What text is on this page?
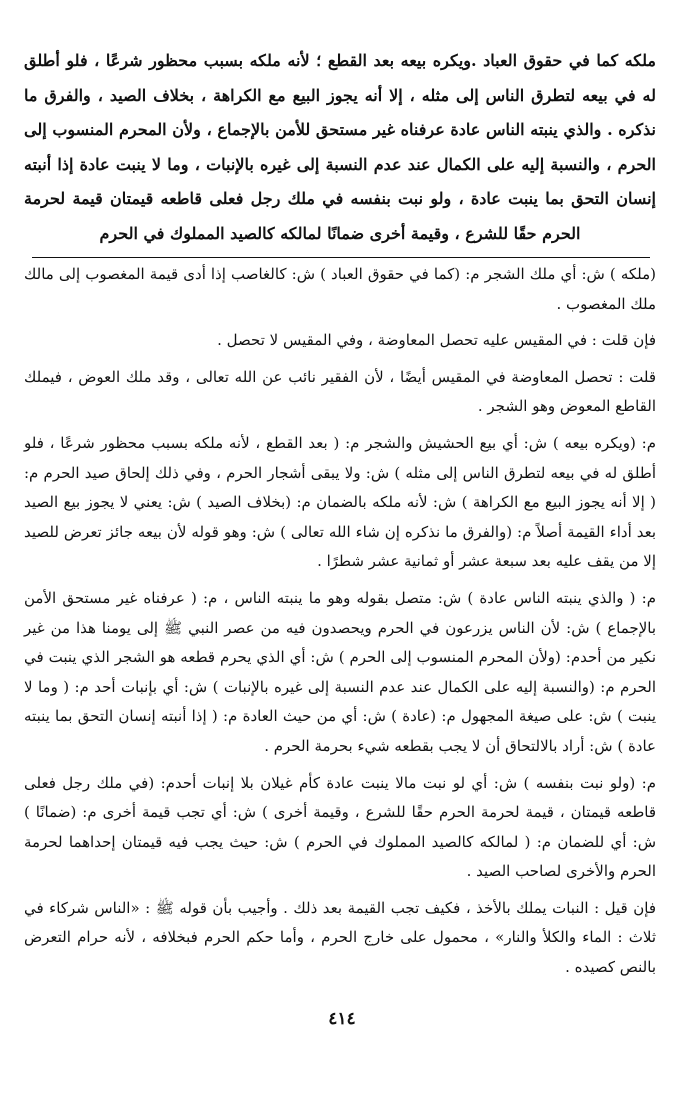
ملكه كما في حقوق العباد .ويكره بيعه بعد القطع ؛ لأنه ملكه بسبب محظور شرعًا ، فلو أطلق له في بيعه لتطرق الناس إلى مثله ، إلا أنه يجوز البيع مع الكراهة ، بخلاف الصيد ، والفرق ما نذكره . والذي ينبته الناس عادة عرفناه غير مستحق للأمن بالإجماع ، ولأن المحرم المنسوب إلى الحرم ، والنسبة إليه على الكمال عند عدم النسبة إلى غيره بالإنبات ، وما لا ينبت عادة إذا أنبته إنسان التحق بما ينبت عادة ، ولو نبت بنفسه في ملك رجل فعلى قاطعه قيمتان قيمة لحرمة الحرم حقًا للشرع ، وقيمة أخرى ضمانًا لمالكه كالصيد المملوك في الحرم

(ملكه ) ش: أي ملك الشجر م: (كما في حقوق العباد ) ش: كالغاصب إذا أدى قيمة المغصوب إلى مالك ملك المغصوب .

فإن قلت : في المقيس عليه تحصل المعاوضة ، وفي المقيس لا تحصل .

قلت : تحصل المعاوضة في المقيس أيضًا ، لأن الفقير نائب عن الله تعالى ، وقد ملك العوض ، فيملك القاطع المعوض وهو الشجر .

م: (ويكره بيعه ) ش: أي بيع الحشيش والشجر م: ( بعد القطع ، لأنه ملكه بسبب محظور شرعًا ، فلو أطلق له في بيعه لتطرق الناس إلى مثله ) ش: ولا يبقى أشجار الحرم ، وفي ذلك إلحاق صيد الحرم م: ( إلا أنه يجوز البيع مع الكراهة ) ش: لأنه ملكه بالضمان م: (بخلاف الصيد ) ش: يعني لا يجوز بيع الصيد بعد أداء القيمة أصلاً م: (والفرق ما نذكره إن شاء الله تعالى ) ش: وهو قوله لأن بيعه جائز تعرض للصيد إلا من يقف عليه بعد سبعة عشر أو ثمانية عشر شطرًا .

م: ( والذي ينبته الناس عادة ) ش: متصل بقوله وهو ما ينبته الناس ، م: ( عرفناه غير مستحق الأمن بالإجماع ) ش: لأن الناس يزرعون في الحرم ويحصدون فيه من عصر النبي ﷺ إلى يومنا هذا من غير نكير من أحدم: (ولأن المحرم المنسوب إلى الحرم ) ش: أي الذي يحرم قطعه هو الشجر الذي ينبت في الحرم م: (والنسبة إليه على الكمال عند عدم النسبة إلى غيره بالإنبات ) ش: أي بإنبات أحد م: ( وما لا ينبت ) ش: على صيغة المجهول م: (عادة ) ش: أي من حيث العادة م: ( إذا أنبته إنسان التحق بما ينبته عادة ) ش: أراد بالالتحاق أن لا يجب بقطعه شيء بحرمة الحرم .

م: (ولو نبت بنفسه ) ش: أي لو نبت مالا ينبت عادة كأم غيلان بلا إنبات أحدم: (في ملك رجل فعلى قاطعه قيمتان ، قيمة لحرمة الحرم حقًا للشرع ، وقيمة أخرى ) ش: أي تجب قيمة أخرى م: (ضمانًا ) ش: أي للضمان م: ( لمالكه كالصيد المملوك في الحرم ) ش: حيث يجب فيه قيمتان إحداهما لحرمة الحرم والأخرى لصاحب الصيد .

فإن قيل : النبات يملك بالأخذ ، فكيف تجب القيمة بعد ذلك . وأجيب بأن قوله ﷺ : «الناس شركاء في ثلاث : الماء والكلأ والنار» ، محمول على خارج الحرم ، وأما حكم الحرم فبخلافه ، لأنه حرام التعرض بالنص كصيده .

٤١٤
